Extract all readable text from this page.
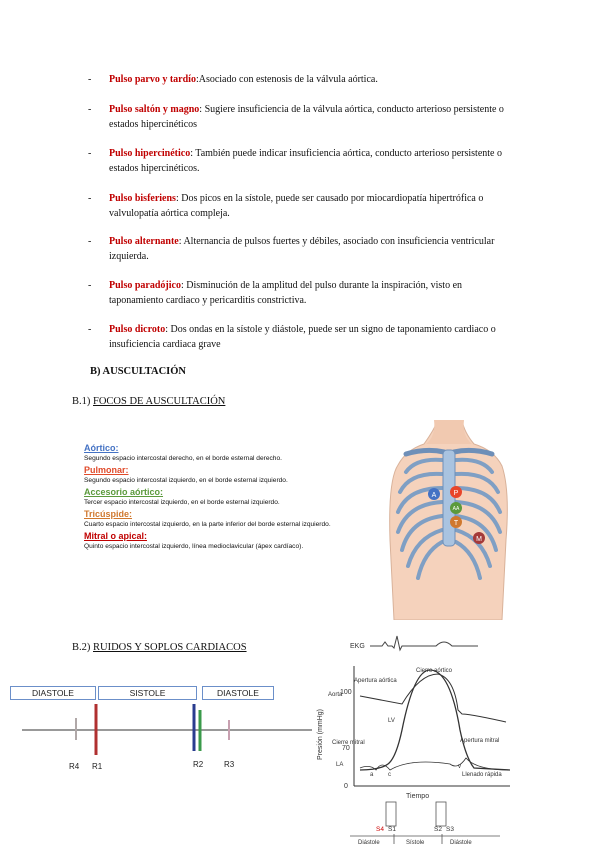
- Pulso parvo y tardío:Asociado con estenosis de la válvula aórtica.
- Pulso saltón y magno: Sugiere insuficiencia de la válvula aórtica, conducto arterioso persistente o estados hipercinéticos
- Pulso hipercinético: También puede indicar insuficiencia aórtica, conducto arterioso persistente o estados hipercinéticos.
- Pulso bisferiens: Dos picos en la sístole, puede ser causado por miocardiopatía hipertrófica o valvulopatía aórtica compleja.
- Pulso alternante: Alternancia de pulsos fuertes y débiles, asociado con insuficiencia ventricular izquierda.
- Pulso paradójico: Disminución de la amplitud del pulso durante la inspiración, visto en taponamiento cardiaco y pericarditis constrictiva.
- Pulso dicroto: Dos ondas en la sístole y diástole, puede ser un signo de taponamiento cardiaco o insuficiencia cardiaca grave
B) AUSCULTACIÓN
B.1) FOCOS DE AUSCULTACIÓN
Aórtico:
Segundo espacio intercostal derecho, en el borde esternal derecho.
Pulmonar:
Segundo espacio intercostal izquierdo, en el borde esternal izquierdo.
Accesorio aórtico:
Tercer espacio intercostal izquierdo, en el borde esternal izquierdo.
Tricúspide:
Cuarto espacio intercostal izquierdo, en la parte inferior del borde esternal izquierdo.
Mitral o apical:
Quinto espacio intercostal izquierdo, línea medioclavicular (ápex cardíaco).
A P
AA
T
M
B.2) RUIDOS Y SOPLOS CARDIACOS
DIASTOLE	SISTOLE	DIASTOLE
R4 R1	R2	R3
EKG
100
70
0
Presión (mmHg)
Apertura aórtica
Cierre aórtico
Aorta
LV
Cierre mitral	Apertura mitral
LA
Llenado rápida
a c
v
Tiempo
S4 S1	S2 S3
Diástole	Sístole	Diástole
